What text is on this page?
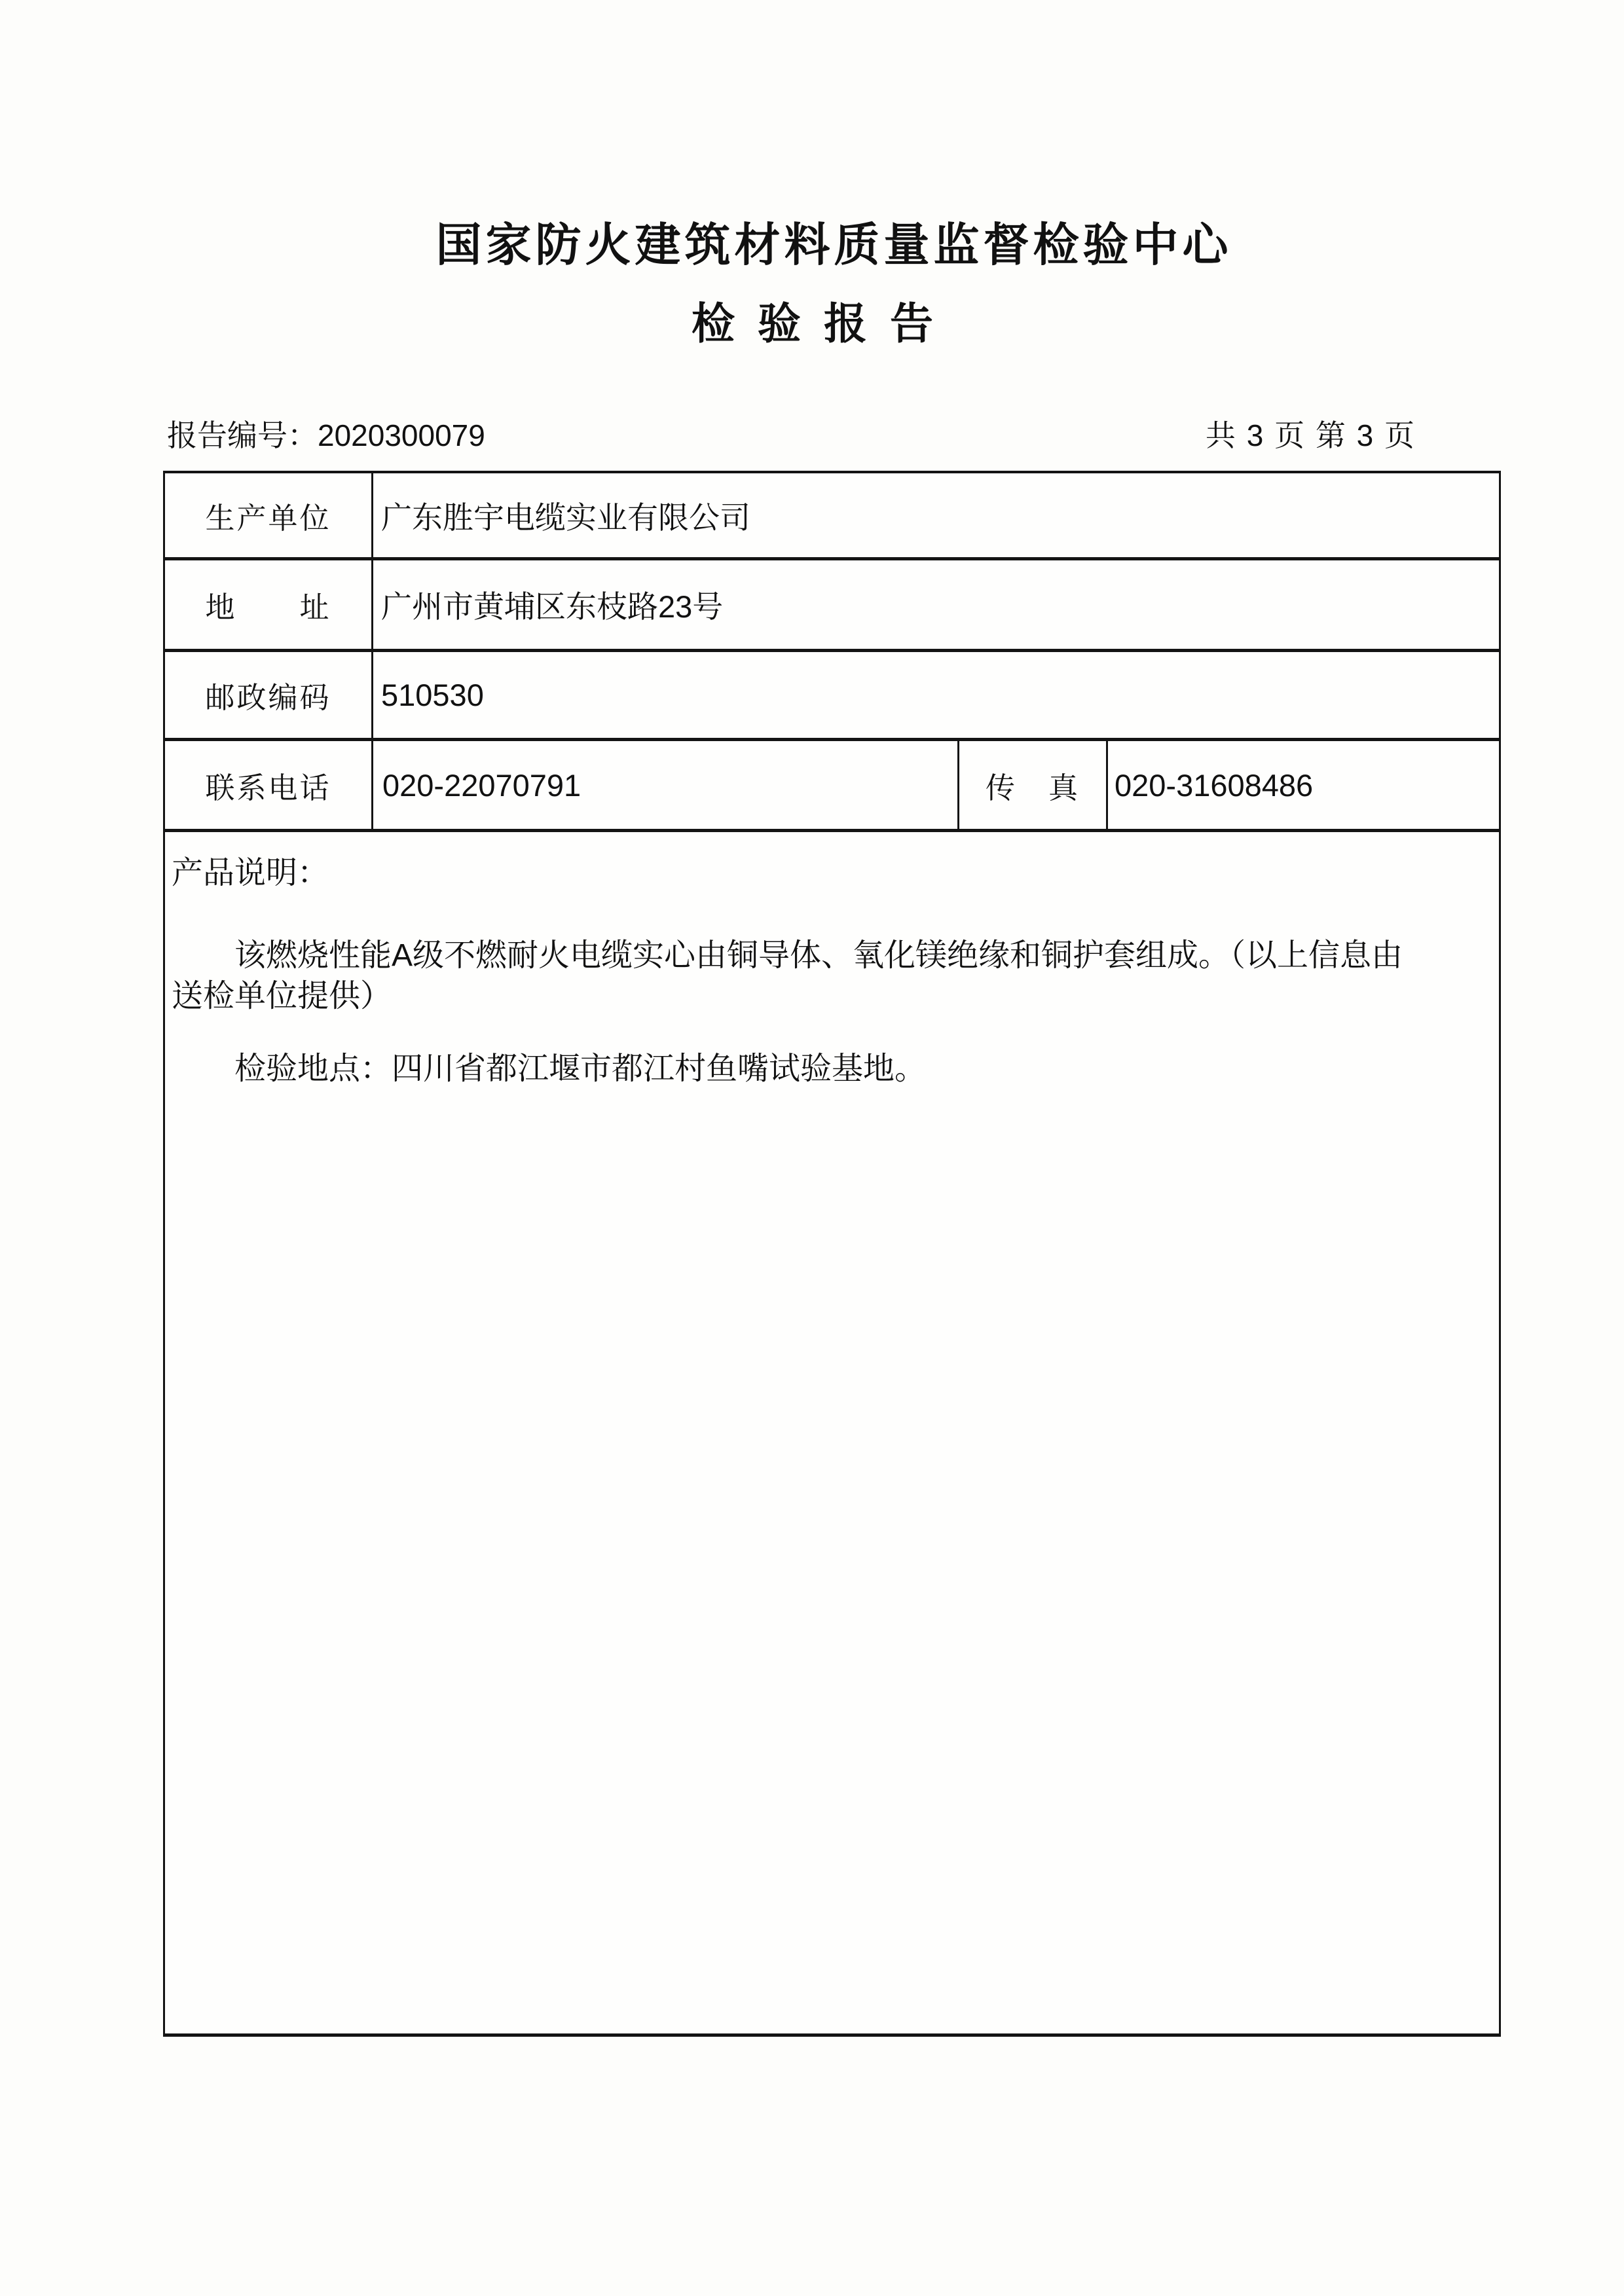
国家防火建筑材料质量监督检验中心
检验报告
报告编号：2020300079	共 3 页 第 3 页
生产单位	广东胜宇电缆实业有限公司
地　　址	广州市黄埔区东枝路23号
邮政编码	510530
联系电话	020-22070791	传　真	020-31608486
产品说明：
该燃烧性能A级不燃耐火电缆实心由铜导体、氧化镁绝缘和铜护套组成。（以上信息由
送检单位提供）
检验地点：四川省都江堰市都江村鱼嘴试验基地。
